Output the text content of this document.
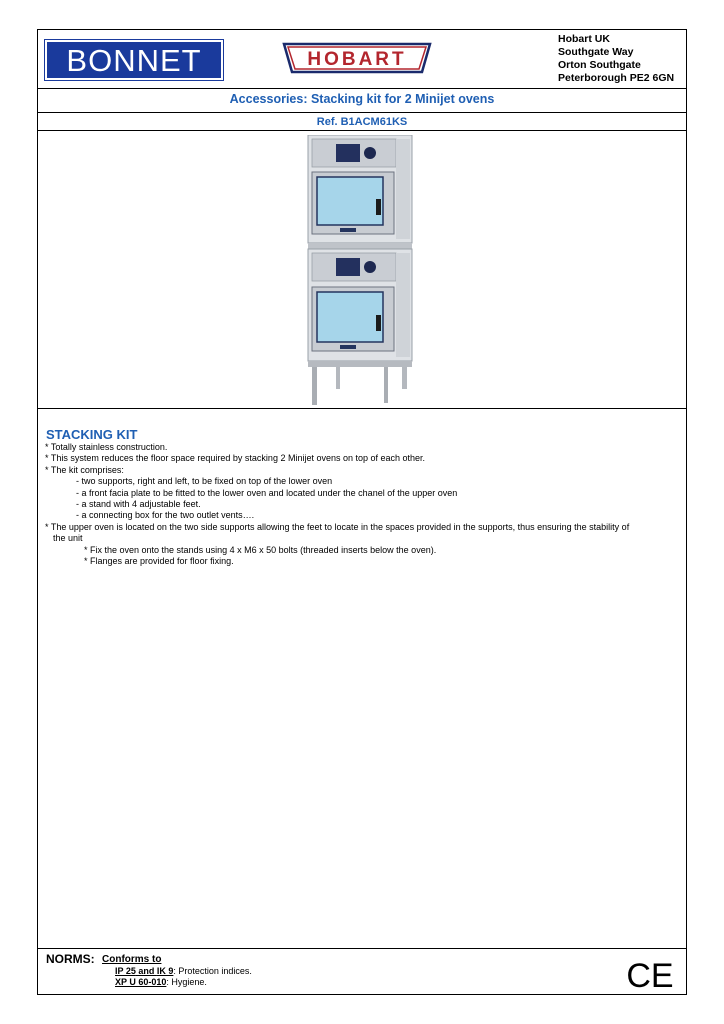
BONNET	HOBART
Hobart UK
Southgate Way
Orton Southgate
Peterborough PE2 6GN
Accessories: Stacking kit for 2 Minijet ovens
Ref. B1ACM61KS
STACKING KIT
* Totally stainless construction.
* This system reduces the floor space required by stacking 2 Minijet ovens on top of each other.
* The kit comprises:
- two supports, right and left, to be fixed on top of the lower oven
- a front facia plate to be fitted to the lower oven and located under the chanel of the upper oven
- a stand with 4 adjustable feet.
- a connecting box for the two outlet vents….
* The upper oven is located on the two side supports allowing the feet to locate in the spaces provided in the supports, thus ensuring the stability of
the unit
* Fix the oven onto the stands using 4 x M6 x 50 bolts (threaded inserts below the oven).
* Flanges are provided for floor fixing.
NORMS: Conforms to
IP 25 and IK 9: Protection indices.
XP U 60-010: Hygiene.	CE
